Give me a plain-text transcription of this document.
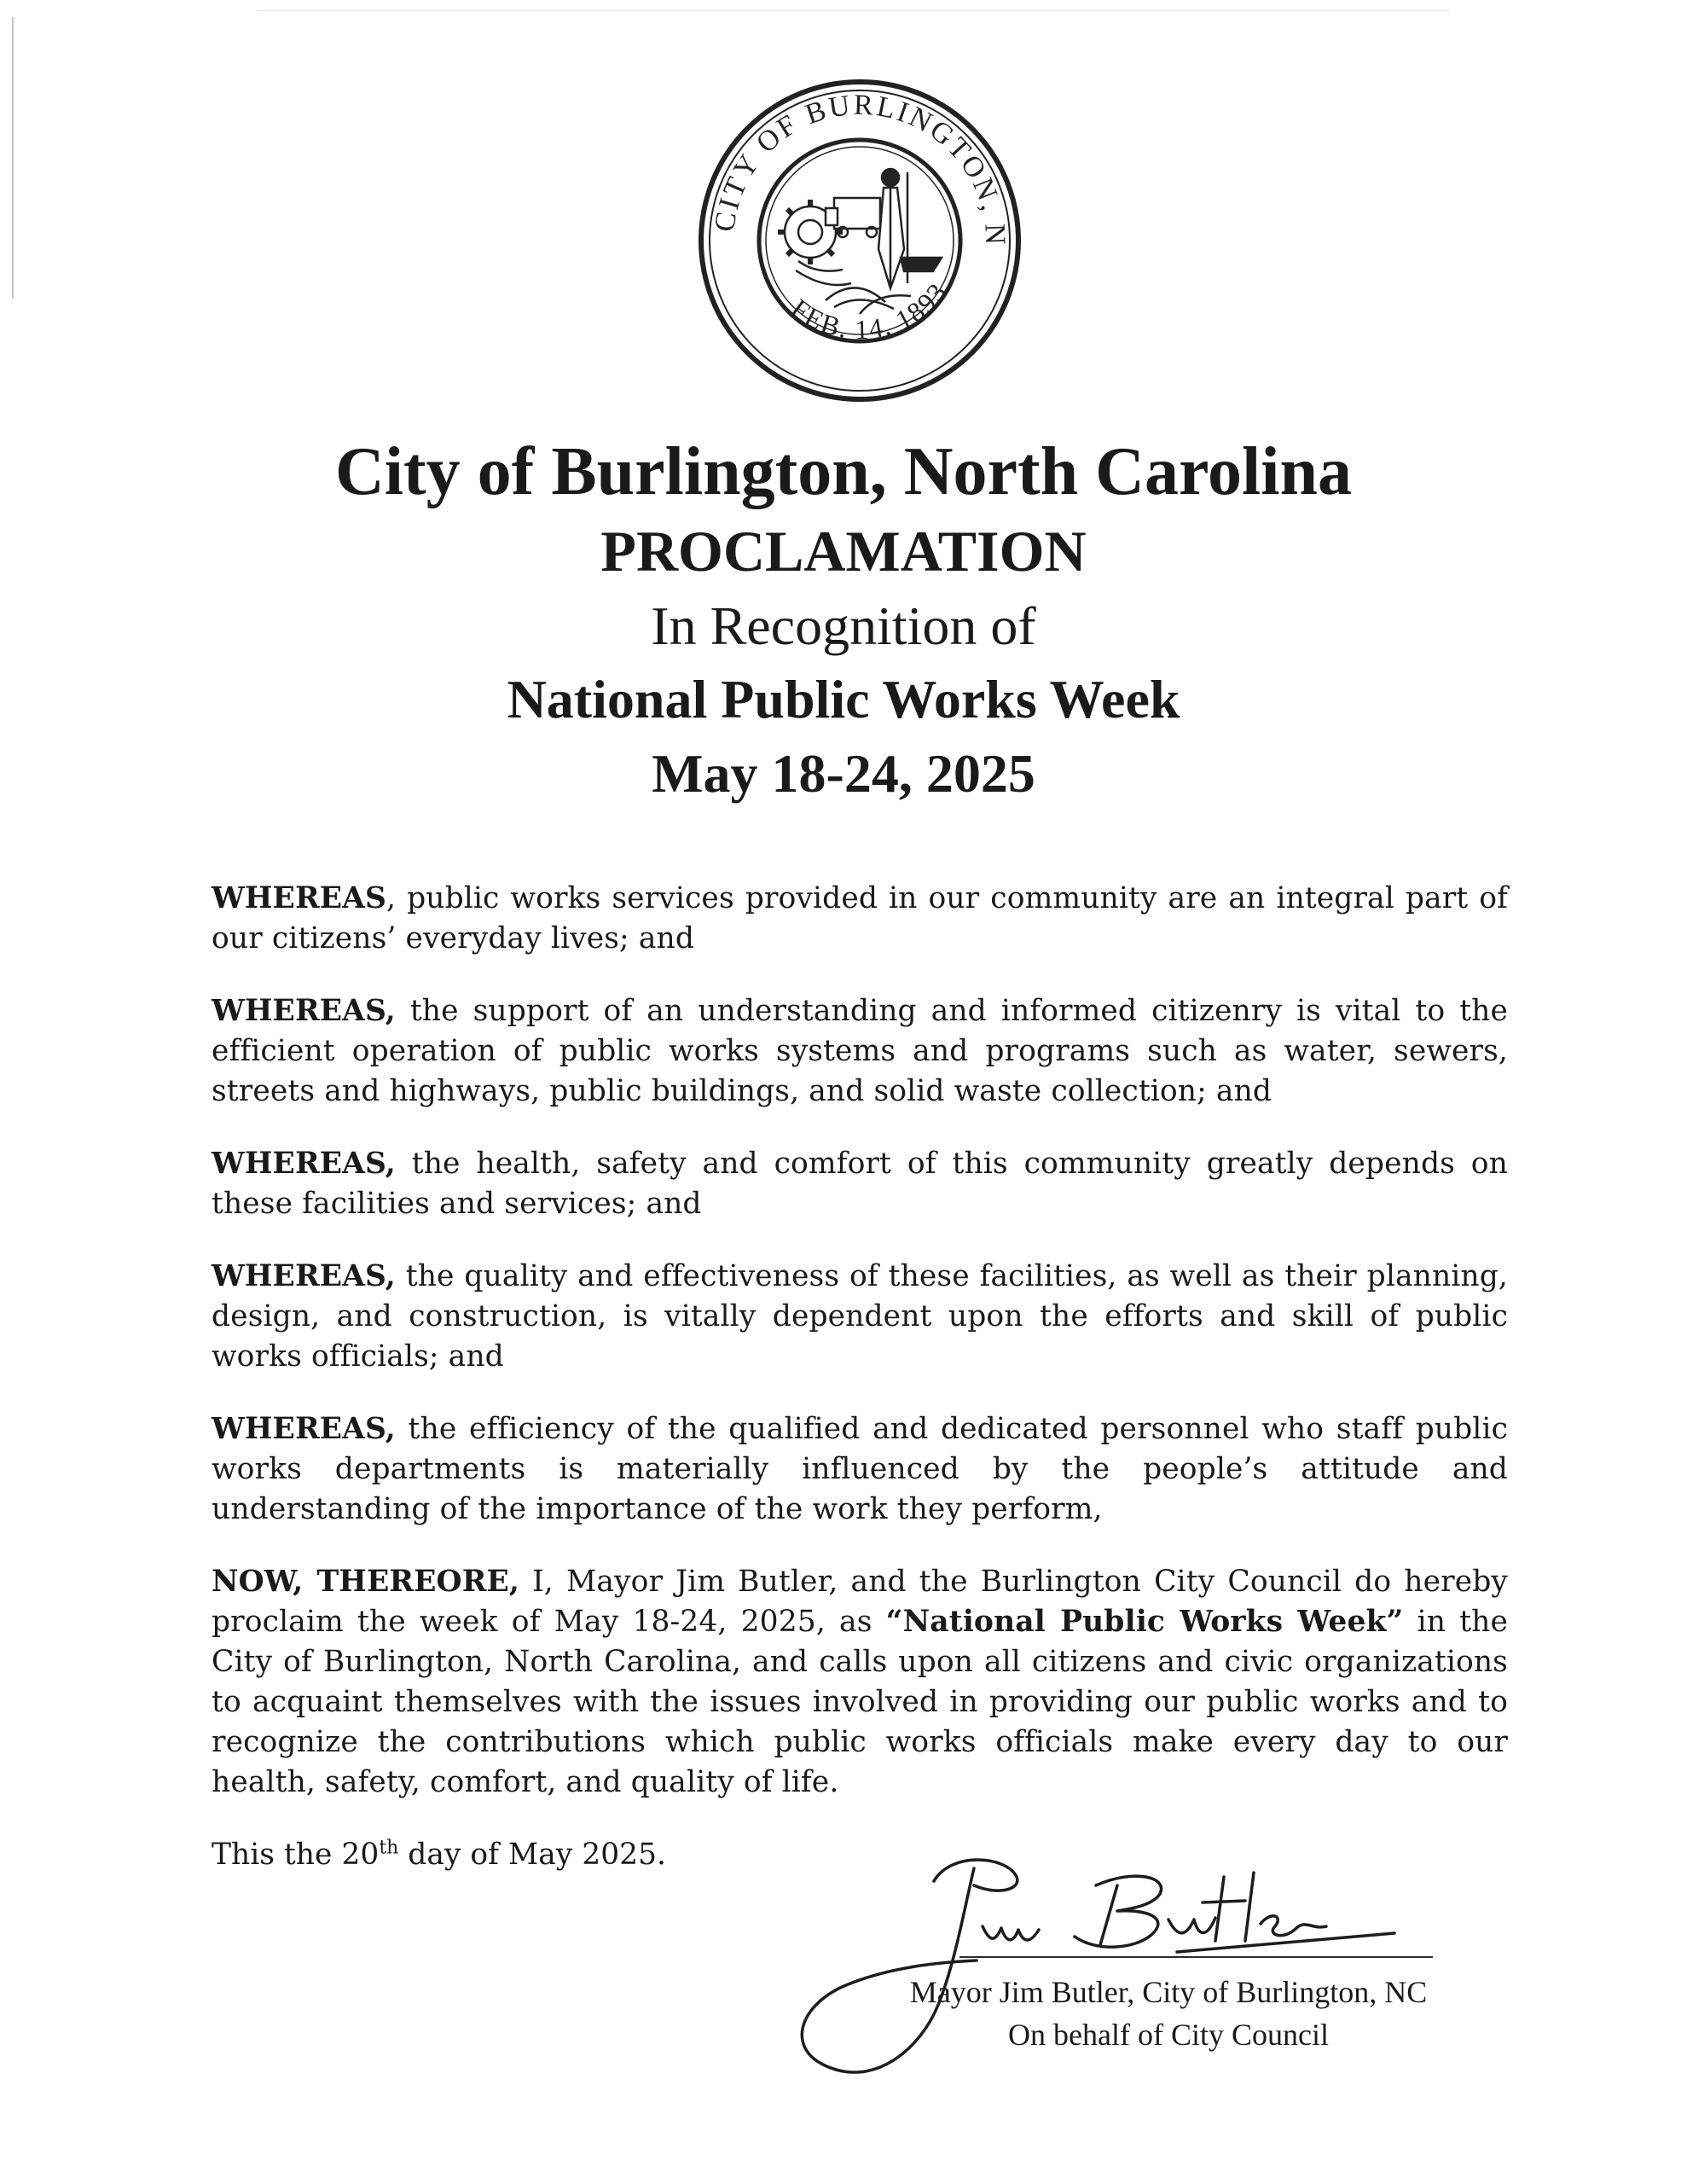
CITY OF BURLINGTON, N
FEB. 14, 1893
City of Burlington, North Carolina
PROCLAMATION
In Recognition of
National Public Works Week
May 18-24, 2025

WHEREAS, public works services provided in our community are an integral part of our citizens’ everyday lives; and

WHEREAS, the support of an understanding and informed citizenry is vital to the efficient operation of public works systems and programs such as water, sewers, streets and highways, public buildings, and solid waste collection; and

WHEREAS, the health, safety and comfort of this community greatly depends on these facilities and services; and

WHEREAS, the quality and effectiveness of these facilities, as well as their planning, design, and construction, is vitally dependent upon the efforts and skill of public works officials; and

WHEREAS, the efficiency of the qualified and dedicated personnel who staff public works departments is materially influenced by the people’s attitude and understanding of the importance of the work they perform,

NOW, THEREORE, I, Mayor Jim Butler, and the Burlington City Council do hereby proclaim the week of May 18-24, 2025, as “National Public Works Week” in the City of Burlington, North Carolina, and calls upon all citizens and civic organizations to acquaint themselves with the issues involved in providing our public works and to recognize the contributions which public works officials make every day to our health, safety, comfort, and quality of life.

This the 20th day of May 2025.

Mayor Jim Butler, City of Burlington, NC
On behalf of City Council
